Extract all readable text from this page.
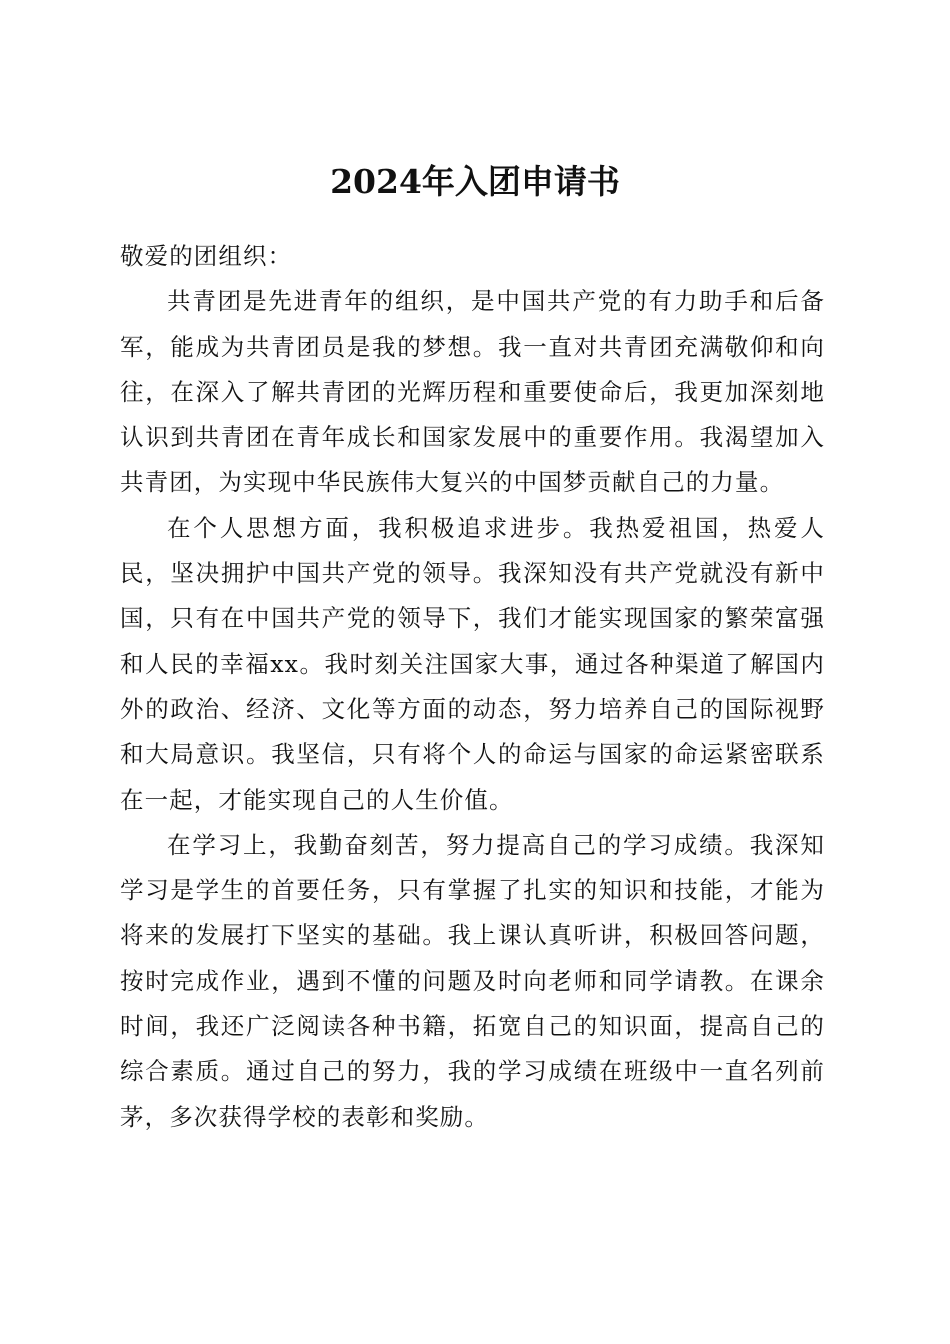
2024年入团申请书

敬爱的团组织：

共青团是先进青年的组织，是中国共产党的有力助手和后备军，能成为共青团员是我的梦想。我一直对共青团充满敬仰和向往，在深入了解共青团的光辉历程和重要使命后，我更加深刻地认识到共青团在青年成长和国家发展中的重要作用。我渴望加入共青团，为实现中华民族伟大复兴的中国梦贡献自己的力量。

在个人思想方面，我积极追求进步。我热爱祖国，热爱人民，坚决拥护中国共产党的领导。我深知没有共产党就没有新中国，只有在中国共产党的领导下，我们才能实现国家的繁荣富强和人民的幸福xx。我时刻关注国家大事，通过各种渠道了解国内外的政治、经济、文化等方面的动态，努力培养自己的国际视野和大局意识。我坚信，只有将个人的命运与国家的命运紧密联系在一起，才能实现自己的人生价值。

在学习上，我勤奋刻苦，努力提高自己的学习成绩。我深知学习是学生的首要任务，只有掌握了扎实的知识和技能，才能为将来的发展打下坚实的基础。我上课认真听讲，积极回答问题，按时完成作业，遇到不懂的问题及时向老师和同学请教。在课余时间，我还广泛阅读各种书籍，拓宽自己的知识面，提高自己的综合素质。通过自己的努力，我的学习成绩在班级中一直名列前茅，多次获得学校的表彰和奖励。
